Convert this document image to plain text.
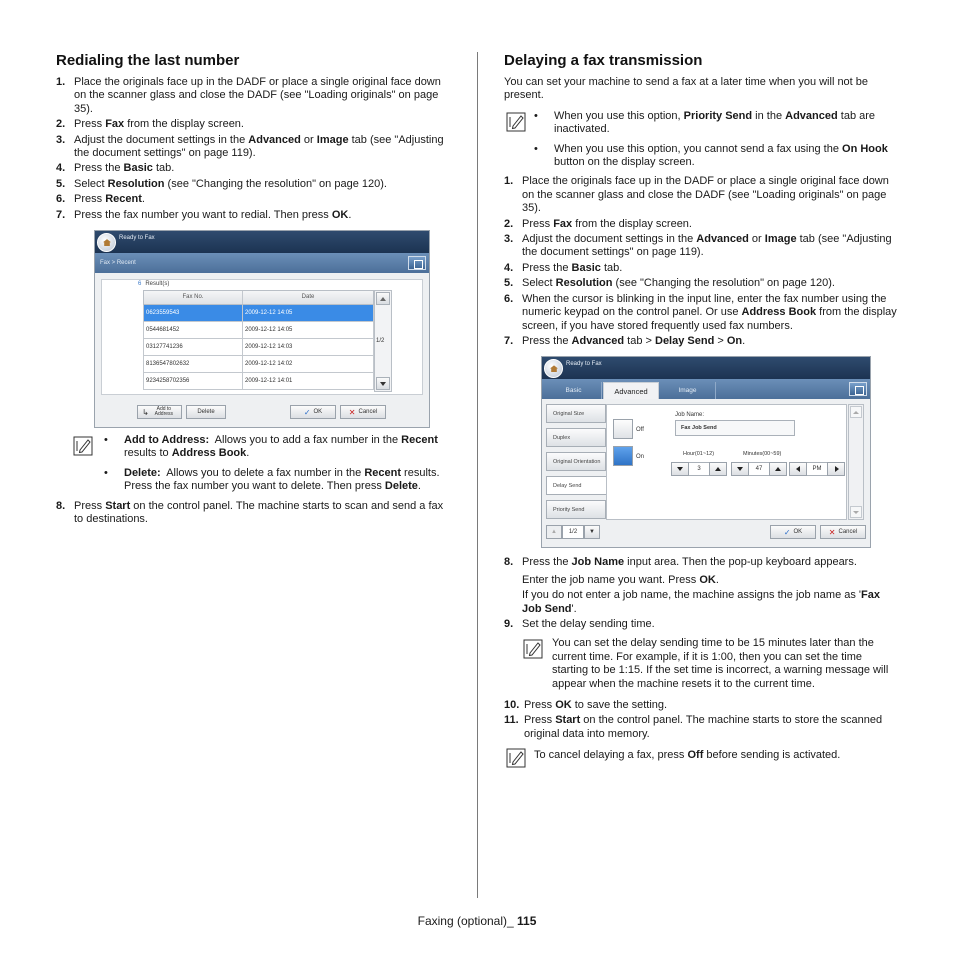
Redialing the last number
1. Place the originals face up in the DADF or place a single original face down on the scanner glass and close the DADF (see "Loading originals" on page 35).
2. Press Fax from the display screen.
3. Adjust the document settings in the Advanced or Image tab (see "Adjusting the document settings" on page 119).
4. Press the Basic tab.
5. Select Resolution (see "Changing the resolution" on page 120).
6. Press Recent.
7. Press the fax number you want to redial. Then press OK.
Ready to Fax
Fax > Recent
6 Result(s)
Fax No.	Date
0623559543	2009-12-12 14:05
0544681452	2009-12-12 14:05
03127741236	2009-12-12 14:03
8136547802632	2009-12-12 14:02
9234258702356	2009-12-12 14:01
1/2
↳	Add to Address	Delete	✓ OK	✕ Cancel
• Add to Address:  Allows you to add a fax number in the Recent results to Address Book.
• Delete:  Allows you to delete a fax number in the Recent results. Press the fax number you want to delete. Then press Delete.
8. Press Start on the control panel. The machine starts to scan and send a fax to destinations.
Delaying a fax transmission

You can set your machine to send a fax at a later time when you will not be present.

• When you use this option, Priority Send in the Advanced tab are inactivated.
• When you use this option, you cannot send a fax using the On Hook button on the display screen.
1. Place the originals face up in the DADF or place a single original face down on the scanner glass and close the DADF (see "Loading originals" on page 35).
2. Press Fax from the display screen.
3. Adjust the document settings in the Advanced or Image tab (see "Adjusting the document settings" on page 119).
4. Press the Basic tab.
5. Select Resolution (see "Changing the resolution" on page 120).
6. When the cursor is blinking in the input line, enter the fax number using the numeric keypad on the control panel. Or use Address Book from the display screen, if you have stored frequently used fax numbers.
7. Press the Advanced tab > Delay Send > On.
Ready to Fax
Basic	Advanced	Image
Original Size
Duplex
Original Orientation
Delay Send
Priority Send
Off
On
Job Name:
Fax Job Send
Hour(01~12)	Minutes(00~59)
3	47	PM
▲	1/2	▼	✓ OK	✕ Cancel
8. Press the Job Name input area. Then the pop-up keyboard appears.

Enter the job name you want. Press OK.

If you do not enter a job name, the machine assigns the job name as 'Fax Job Send'.

9. Set the delay sending time.

You can set the delay sending time to be 15 minutes later than the current time. For example, if it is 1:00, then you can set the time starting to be 1:15. If the set time is incorrect, a warning message will appear when the machine resets it to the current time.

10. Press OK to save the setting.
11. Press Start on the control panel. The machine starts to store the scanned original data into memory.

To cancel delaying a fax, press Off before sending is activated.

Faxing (optional)_ 115
